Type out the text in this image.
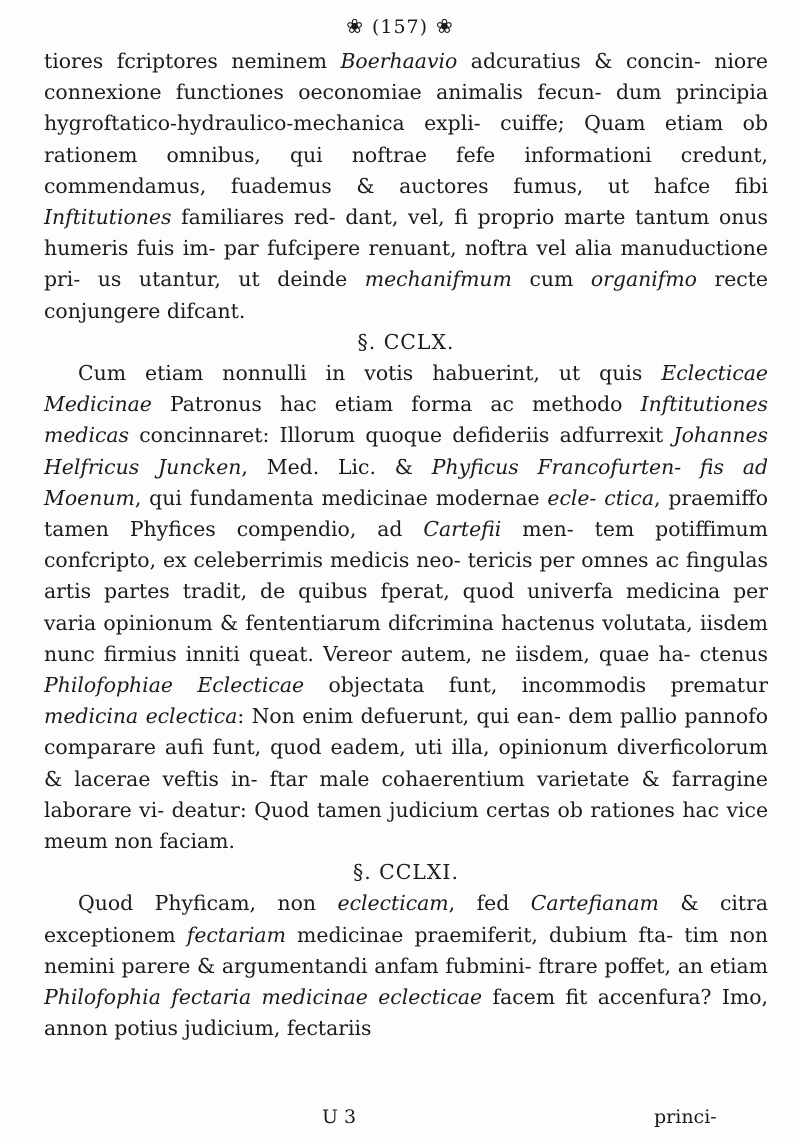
❀ (157) ❀

tiores fcriptores neminem Boerhaavio adcuratius & concin- niore connexione functiones oeconomiae animalis fecun- dum principia hygroftatico-hydraulico-mechanica expli- cuiffe; Quam etiam ob rationem omnibus, qui noftrae fefe informationi credunt, commendamus, fuademus & auctores fumus, ut hafce fibi Inftitutiones familiares red- dant, vel, fi proprio marte tantum onus humeris fuis im- par fufcipere renuant, noftra vel alia manuductione pri- us utantur, ut deinde mechanifmum cum organifmo recte conjungere difcant.

§. CCLX.

Cum etiam nonnulli in votis habuerint, ut quis Eclecticae Medicinae Patronus hac etiam forma ac methodo Inftitutiones medicas concinnaret: Illorum quoque defideriis adfurrexit Johannes Helfricus Juncken, Med. Lic. & Phyficus Francofurten- fis ad Moenum, qui fundamenta medicinae modernae ecle- ctica, praemiffo tamen Phyfices compendio, ad Cartefii men- tem potiffimum confcripto, ex celeberrimis medicis neo- tericis per omnes ac fingulas artis partes tradit, de quibus fperat, quod univerfa medicina per varia opinionum & fententiarum difcrimina hactenus volutata, iisdem nunc firmius inniti queat. Vereor autem, ne iisdem, quae ha- ctenus Philofophiae Eclecticae objectata funt, incommodis prematur medicina eclectica: Non enim defuerunt, qui ean- dem pallio pannofo comparare aufi funt, quod eadem, uti illa, opinionum diverficolorum & lacerae veftis in- ftar male cohaerentium varietate & farragine laborare vi- deatur: Quod tamen judicium certas ob rationes hac vice meum non faciam.

§. CCLXI.

Quod Phyficam, non eclecticam, fed Cartefianam & citra exceptionem fectariam medicinae praemiferit, dubium fta- tim non nemini parere & argumentandi anfam fubmini- ftrare poffet, an etiam Philofophia fectaria medicinae eclecticae facem fit accenfura? Imo, annon potius judicium, fectariis

U 3	princi-
